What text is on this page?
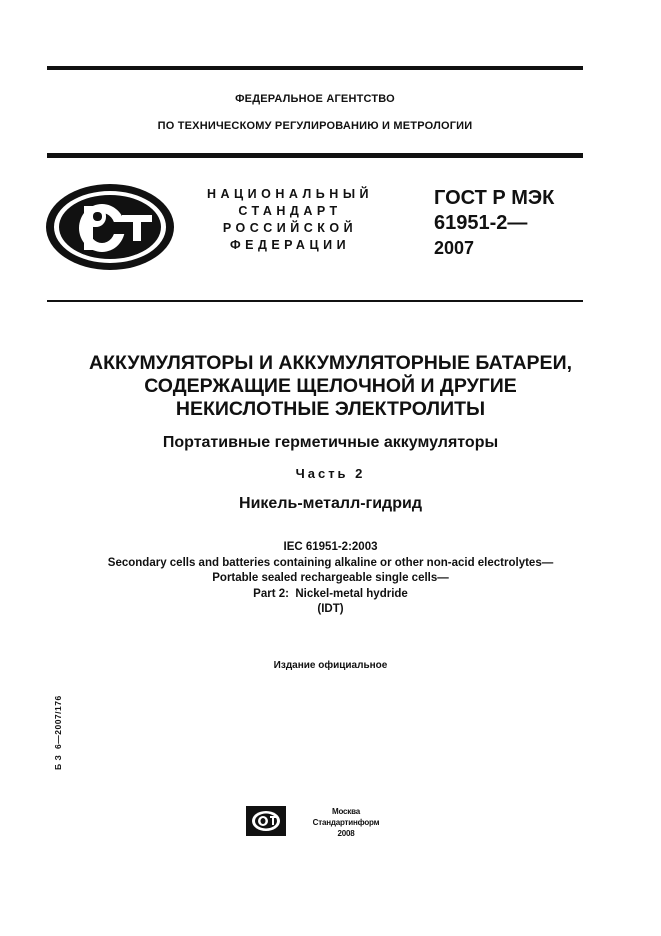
ФЕДЕРАЛЬНОЕ АГЕНТСТВО
ПО ТЕХНИЧЕСКОМУ РЕГУЛИРОВАНИЮ И МЕТРОЛОГИИ
НАЦИОНАЛЬНЫЙ
СТАНДАРТ
РОССИЙСКОЙ
ФЕДЕРАЦИИ
ГОСТ Р МЭК
61951-2—
2007
АККУМУЛЯТОРЫ И АККУМУЛЯТОРНЫЕ БАТАРЕИ,
СОДЕРЖАЩИЕ ЩЕЛОЧНОЙ И ДРУГИЕ
НЕКИСЛОТНЫЕ ЭЛЕКТРОЛИТЫ
Портативные герметичные аккумуляторы
Часть 2
Никель-металл-гидрид
IEC 61951-2:2003
Secondary cells and batteries containing alkaline or other non-acid electrolytes—
Portable sealed rechargeable single cells—
Part 2:  Nickel-metal hydride
(IDT)
Издание официальное
Б З  6—2007/176
Москва
Стандартинформ
2008
